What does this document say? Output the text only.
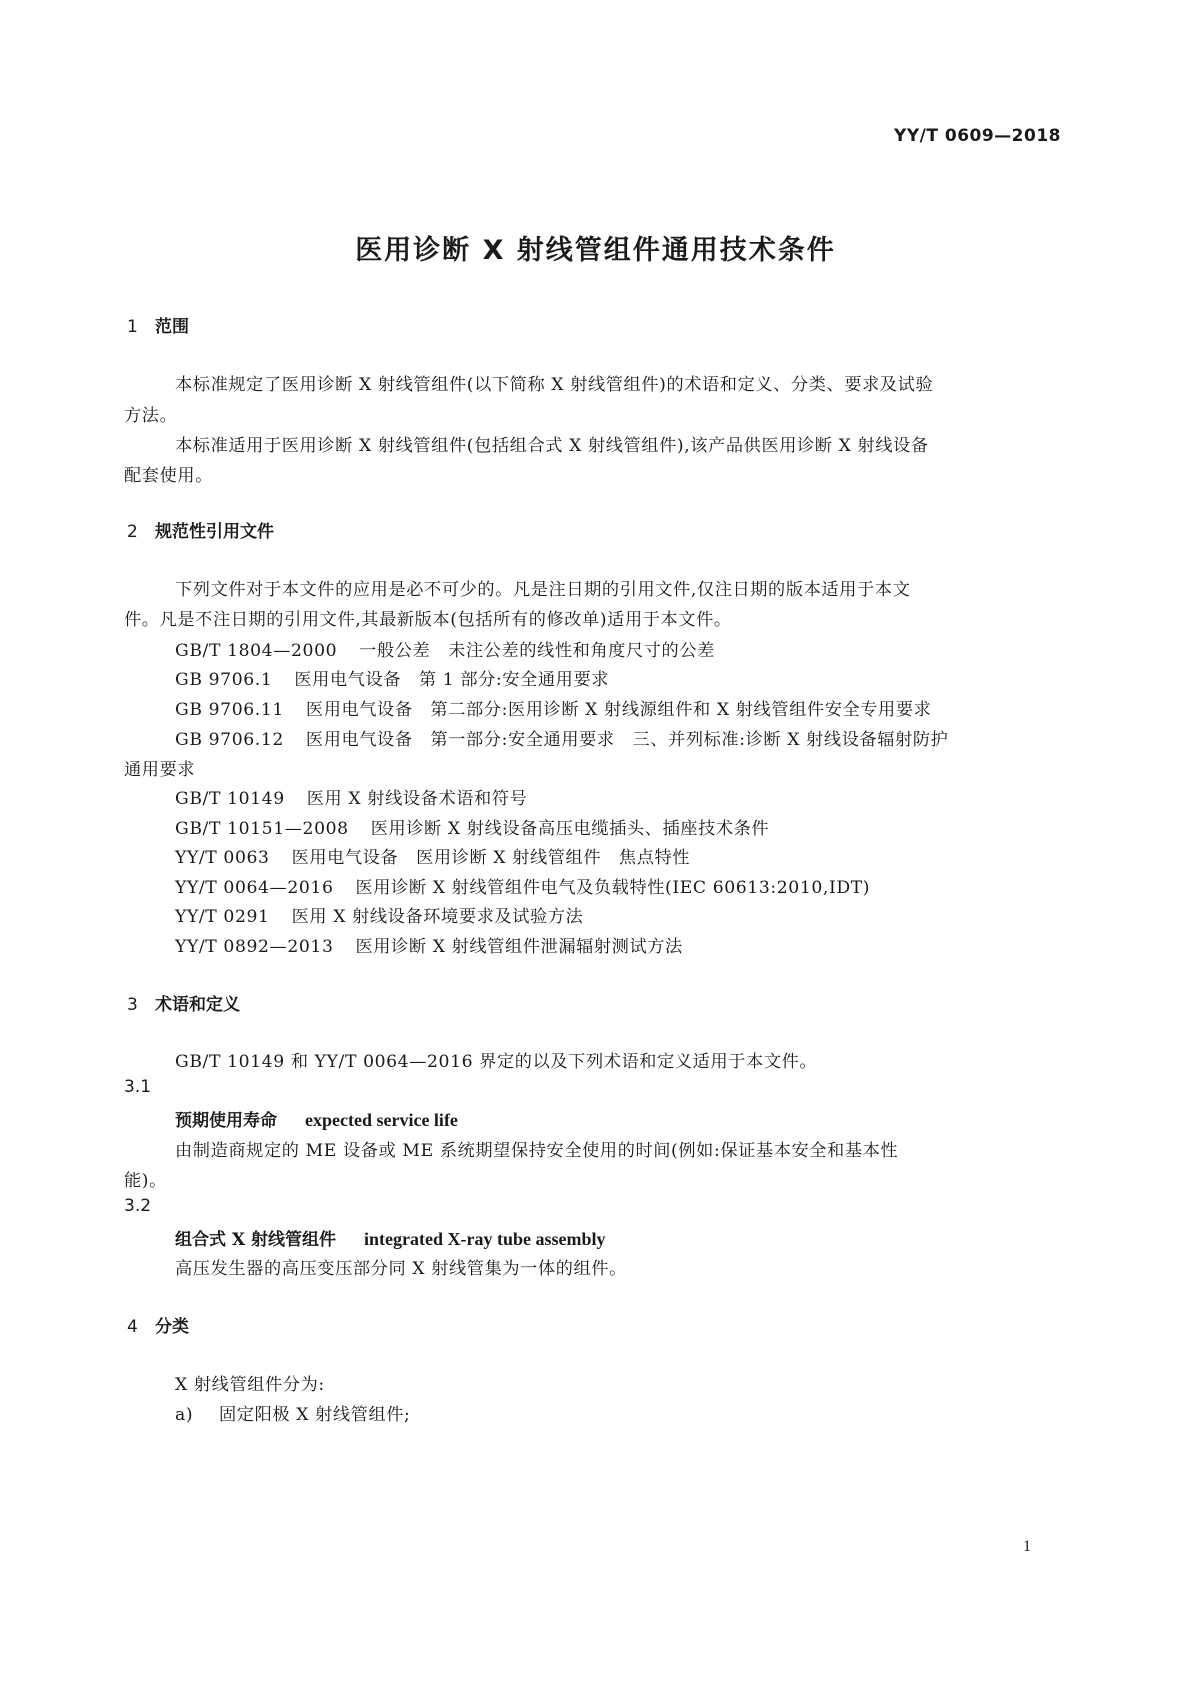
YY/T 0609—2018
医用诊断 X 射线管组件通用技术条件
1 范围
本标准规定了医用诊断 X 射线管组件(以下简称 X 射线管组件)的术语和定义、分类、要求及试验
方法。
本标准适用于医用诊断 X 射线管组件(包括组合式 X 射线管组件),该产品供医用诊断 X 射线设备
配套使用。
2 规范性引用文件
下列文件对于本文件的应用是必不可少的。凡是注日期的引用文件,仅注日期的版本适用于本文
件。凡是不注日期的引用文件,其最新版本(包括所有的修改单)适用于本文件。
GB/T 1804—2000 一般公差　未注公差的线性和角度尺寸的公差
GB 9706.1 医用电气设备　第 1 部分:安全通用要求
GB 9706.11 医用电气设备　第二部分:医用诊断 X 射线源组件和 X 射线管组件安全专用要求
GB 9706.12 医用电气设备　第一部分:安全通用要求　三、并列标准:诊断 X 射线设备辐射防护
通用要求
GB/T 10149 医用 X 射线设备术语和符号
GB/T 10151—2008 医用诊断 X 射线设备高压电缆插头、插座技术条件
YY/T 0063 医用电气设备　医用诊断 X 射线管组件　焦点特性
YY/T 0064—2016 医用诊断 X 射线管组件电气及负载特性(IEC 60613:2010,IDT)
YY/T 0291 医用 X 射线设备环境要求及试验方法
YY/T 0892—2013 医用诊断 X 射线管组件泄漏辐射测试方法
3 术语和定义
GB/T 10149 和 YY/T 0064—2016 界定的以及下列术语和定义适用于本文件。
3.1
预期使用寿命 expected service life
由制造商规定的 ME 设备或 ME 系统期望保持安全使用的时间(例如:保证基本安全和基本性
能)。
3.2
组合式 X 射线管组件 integrated X-ray tube assembly
高压发生器的高压变压部分同 X 射线管集为一体的组件。
4 分类
X 射线管组件分为:
a) 固定阳极 X 射线管组件;
1
